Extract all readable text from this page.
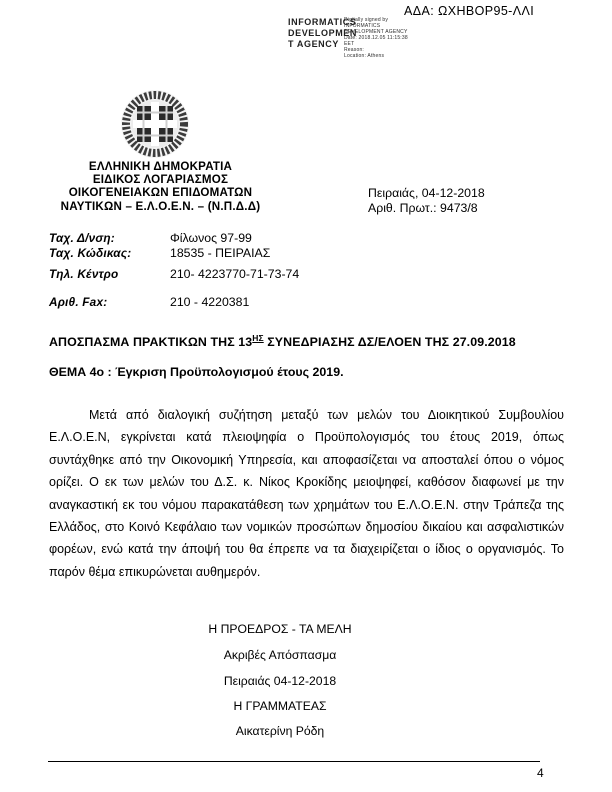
ΑΔΑ: ΩΧΗΒΟΡ95-ΛΛΙ
INFORMATICS
DEVELOPMEN
T AGENCY
Digitally signed by
INFORMATICS
DEVELOPMENT AGENCY
Date: 2018.12.05 11:15:38
EET
Reason:
Location: Athens
ΕΛΛΗΝΙΚΗ ΔΗΜΟΚΡΑΤΙΑ
ΕΙΔΙΚΟΣ ΛΟΓΑΡΙΑΣΜΟΣ
ΟΙΚΟΓΕΝΕΙΑΚΩΝ ΕΠΙΔΟΜΑΤΩΝ
ΝΑΥΤΙΚΩΝ – Ε.Λ.Ο.Ε.Ν. – (Ν.Π.Δ.Δ)
Πειραιάς, 04-12-2018
Αριθ. Πρωτ.: 9473/8
Ταχ. Δ/νση:	Φίλωνος 97-99
Ταχ. Κώδικας:	18535 - ΠΕΙΡΑΙΑΣ
Τηλ. Κέντρο	210- 4223770-71-73-74
Αριθ. Fax:	210 - 4220381
ΑΠΟΣΠΑΣΜΑ ΠΡΑΚΤΙΚΩΝ ΤΗΣ $13^{H\Sigma}$ ΣΥΝΕΔΡΙΑΣΗΣ ΔΣ/ΕΛΟΕΝ ΤΗΣ 27.09.2018
ΘΕΜΑ 4ο : Έγκριση Προϋπολογισμού έτους 2019.
Μετά από διαλογική συζήτηση μεταξύ των μελών του Διοικητικού Συμβουλίου Ε.Λ.Ο.Ε.Ν, εγκρίνεται κατά πλειοψηφία ο Προϋπολογισμός του έτους 2019, όπως συντάχθηκε από την Οικονομική Υπηρεσία, και αποφασίζεται να αποσταλεί όπου ο νόμος ορίζει. Ο εκ των μελών του Δ.Σ. κ. Νίκος Κροκίδης μειοψηφεί, καθόσον διαφωνεί με την αναγκαστική εκ του νόμου παρακατάθεση των χρημάτων του Ε.Λ.Ο.Ε.Ν. στην Τράπεζα της Ελλάδος, στο Κοινό Κεφάλαιο των νομικών προσώπων δημοσίου δικαίου και ασφαλιστικών φορέων, ενώ κατά την άποψή του θα έπρεπε να τα διαχειρίζεται ο ίδιος ο οργανισμός. Το παρόν θέμα επικυρώνεται αυθημερόν.
Η ΠΡΟΕΔΡΟΣ - ΤΑ ΜΕΛΗ
Ακριβές Απόσπασμα
Πειραιάς 04-12-2018
Η ΓΡΑΜΜΑΤΕΑΣ
Αικατερίνη Ρόδη
4
